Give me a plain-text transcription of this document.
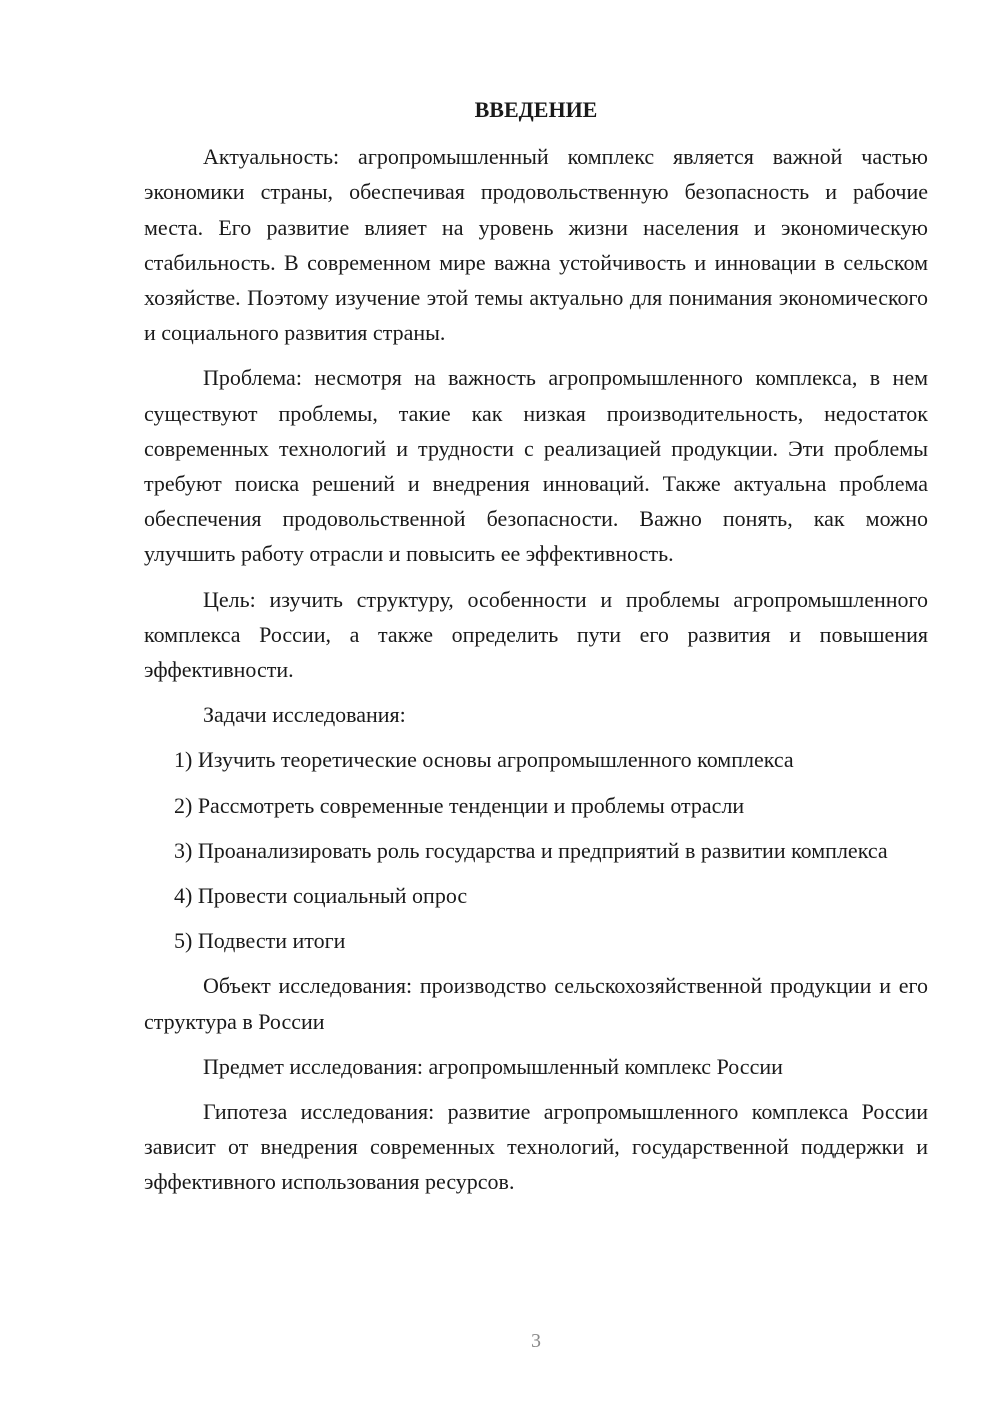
ВВЕДЕНИЕ

Актуальность: агропромышленный комплекс является важной частью экономики страны, обеспечивая продовольственную безопасность и рабочие места. Его развитие влияет на уровень жизни населения и экономическую стабильность. В современном мире важна устойчивость и инновации в сельском хозяйстве. Поэтому изучение этой темы актуально для понимания экономического и социального развития страны.

Проблема: несмотря на важность агропромышленного комплекса, в нем существуют проблемы, такие как низкая производительность, недостаток современных технологий и трудности с реализацией продукции. Эти проблемы требуют поиска решений и внедрения инноваций. Также актуальна проблема обеспечения продовольственной безопасности. Важно понять, как можно улучшить работу отрасли и повысить ее эффективность.

Цель: изучить структуру, особенности и проблемы агропромышленного комплекса России, а также определить пути его развития и повышения эффективности.

Задачи исследования:

1) Изучить теоретические основы агропромышленного комплекса

2) Рассмотреть современные тенденции и проблемы отрасли

3) Проанализировать роль государства и предприятий в развитии комплекса

4) Провести социальный опрос

5) Подвести итоги

Объект исследования: производство сельскохозяйственной продукции и его структура в России

Предмет исследования: агропромышленный комплекс России

Гипотеза исследования: развитие агропромышленного комплекса России зависит от внедрения современных технологий, государственной поддержки и эффективного использования ресурсов.

3
